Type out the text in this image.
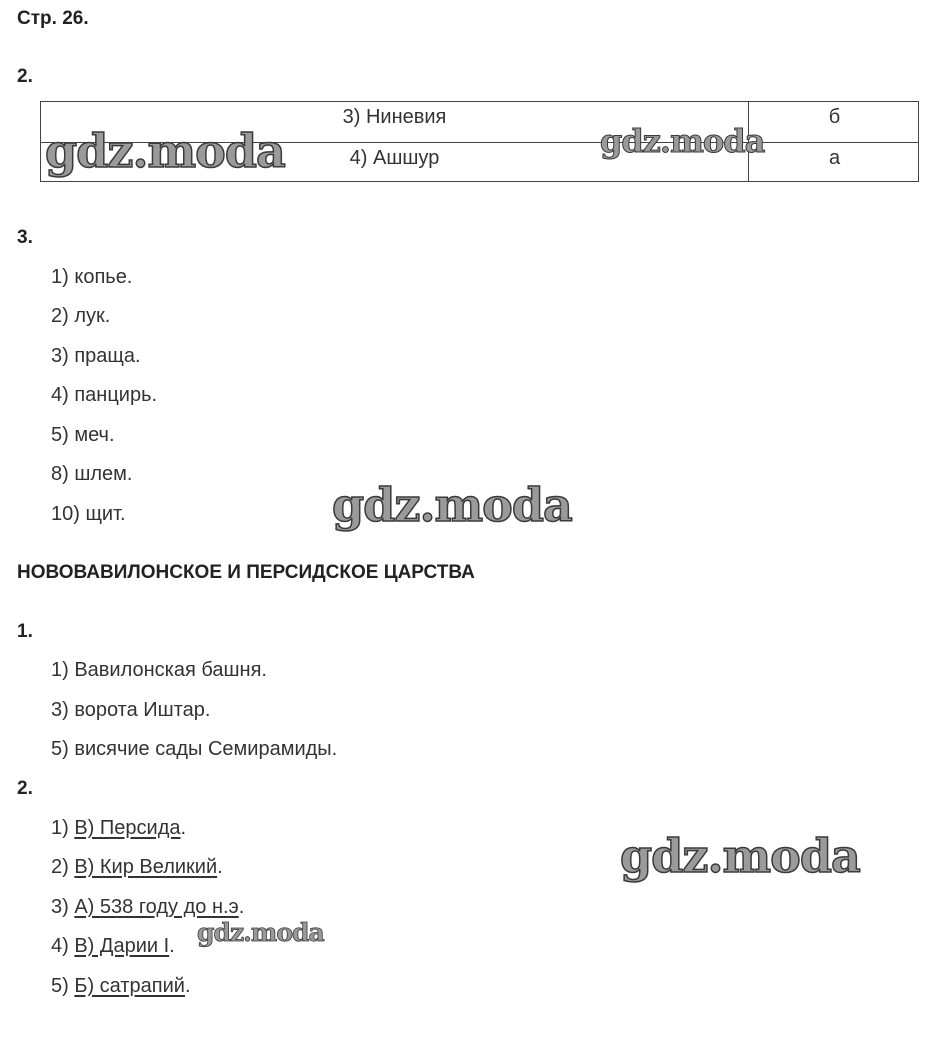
Стр. 26.
2.
3) Ниневия	б
4) Ашшур	а
3.
1) копье.
2) лук.
3) праща.
4) панцирь.
5) меч.
8) шлем.
10) щит.
НОВОВАВИЛОНСКОЕ И ПЕРСИДСКОЕ ЦАРСТВА
1.
1) Вавилонская башня.
3) ворота Иштар.
5) висячие сады Семирамиды.
2.
1) В) Персида.
2) В) Кир Великий.
3) А) 538 году до н.э.
4) В) Дарии I.
5) Б) сатрапий.
gdz.moda	gdz.moda
gdz.moda
gdz.moda
gdz.moda
